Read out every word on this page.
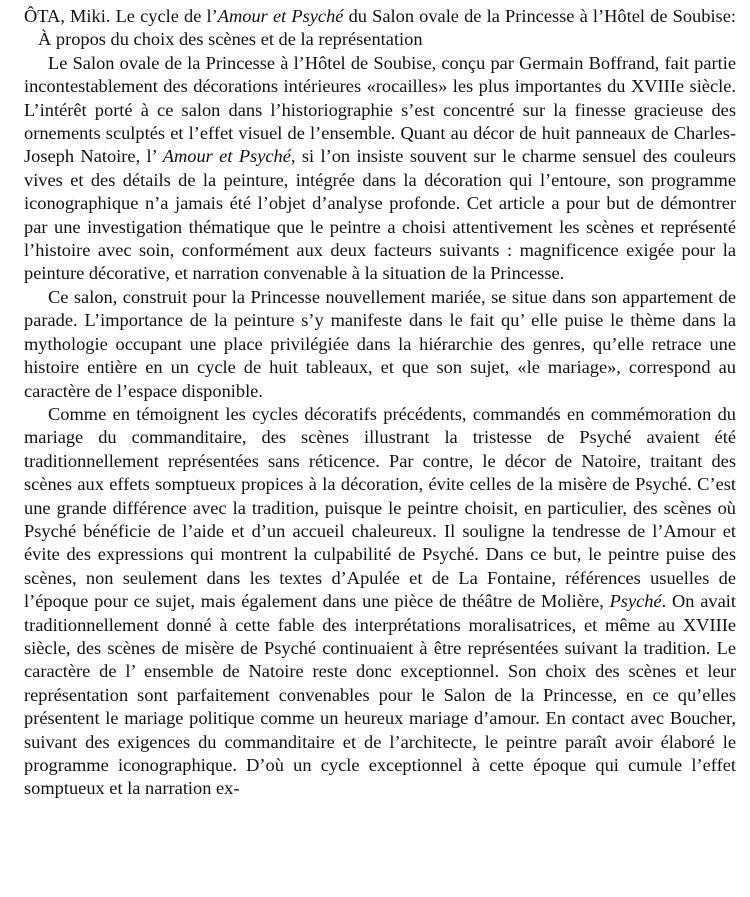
ÔTA, Miki. Le cycle de l’Amour et Psyché du Salon ovale de la Princesse à l’Hôtel de Soubise: À propos du choix des scènes et de la représentation

Le Salon ovale de la Princesse à l’Hôtel de Soubise, conçu par Germain Boffrand, fait partie incontestablement des décorations intérieures «rocailles» les plus importantes du XVIIIe siècle. L’intérêt porté à ce salon dans l’historiographie s’est concentré sur la finesse gracieuse des ornements sculptés et l’effet visuel de l’ensemble. Quant au décor de huit panneaux de Charles-Joseph Natoire, l’ Amour et Psyché, si l’on insiste souvent sur le charme sensuel des couleurs vives et des détails de la peinture, intégrée dans la décoration qui l’entoure, son programme iconographique n’a jamais été l’objet d’analyse profonde. Cet article a pour but de démontrer par une investigation thématique que le peintre a choisi attentivement les scènes et représenté l’histoire avec soin, conformément aux deux facteurs suivants : magnificence exigée pour la peinture décorative, et narration convenable à la situation de la Princesse.

Ce salon, construit pour la Princesse nouvellement mariée, se situe dans son appartement de parade. L’importance de la peinture s’y manifeste dans le fait qu’ elle puise le thème dans la mythologie occupant une place privilégiée dans la hiérarchie des genres, qu’elle retrace une histoire entière en un cycle de huit tableaux, et que son sujet, «le mariage», correspond au caractère de l’espace disponible.

Comme en témoignent les cycles décoratifs précédents, commandés en commémoration du mariage du commanditaire, des scènes illustrant la tristesse de Psyché avaient été traditionnellement représentées sans réticence. Par contre, le décor de Natoire, traitant des scènes aux effets somptueux propices à la décoration, évite celles de la misère de Psyché. C’est une grande différence avec la tradition, puisque le peintre choisit, en particulier, des scènes où Psyché bénéficie de l’aide et d’un accueil chaleureux. Il souligne la tendresse de l’Amour et évite des expressions qui montrent la culpabilité de Psyché. Dans ce but, le peintre puise des scènes, non seulement dans les textes d’Apulée et de La Fontaine, références usuelles de l’époque pour ce sujet, mais également dans une pièce de théâtre de Molière, Psyché. On avait traditionnellement donné à cette fable des interprétations moralisatrices, et même au XVIIIe siècle, des scènes de misère de Psyché continuaient à être représentées suivant la tradition. Le caractère de l’ ensemble de Natoire reste donc exceptionnel. Son choix des scènes et leur représentation sont parfaitement convenables pour le Salon de la Princesse, en ce qu’elles présentent le mariage politique comme un heureux mariage d’amour. En contact avec Boucher, suivant des exigences du commanditaire et de l’architecte, le peintre paraît avoir élaboré le programme iconographique. D’où un cycle exceptionnel à cette époque qui cumule l’effet somptueux et la narration ex-
